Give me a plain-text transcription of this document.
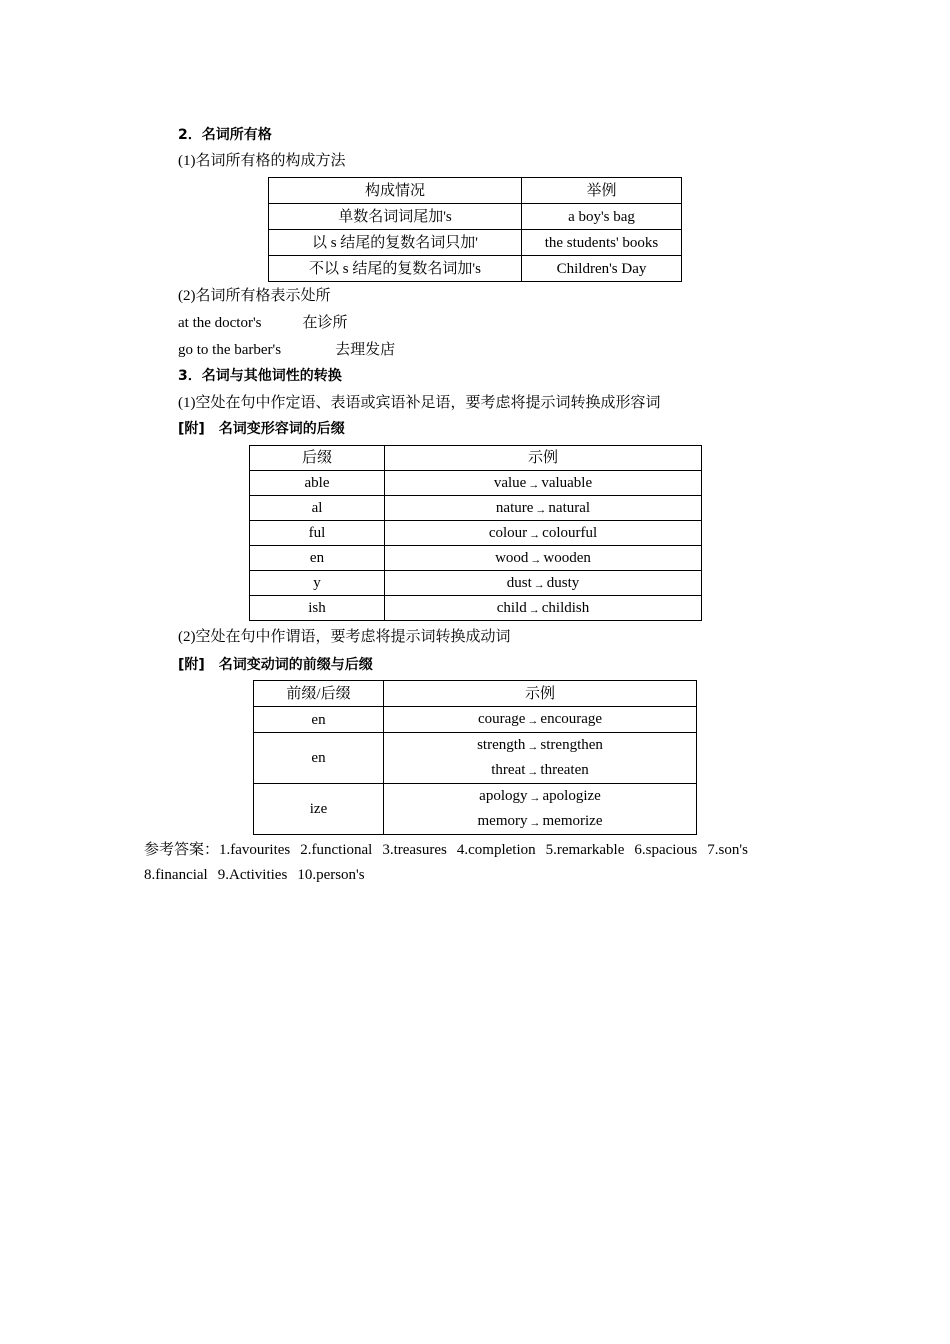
2．名词所有格
(1)名词所有格的构成方法
构成情况	举例
单数名词词尾加's	a boy's bag
以 s 结尾的复数名词只加'	the students' books
不以 s 结尾的复数名词加's	Children's Day
(2)名词所有格表示处所
at the doctor's	在诊所
go to the barber's	去理发店
3．名词与其他词性的转换
(1)空处在句中作定语、表语或宾语补足语，要考虑将提示词转换成形容词
[附]　名词变形容词的后缀
后缀	示例
able	value → valuable
al	nature → natural
ful	colour → colourful
en	wood → wooden
y	dust → dusty
ish	child → childish
(2)空处在句中作谓语，要考虑将提示词转换成动词
[附]　名词变动词的前缀与后缀
前缀/后缀	示例
en	courage → encourage
en	strength → strengthen
threat → threaten

ize	apology → apologize
memory → memorize
参考答案：1.favourites 2.functional 3.treasures 4.completion 5.remarkable 6.spacious 7.son's
8.financial 9.Activities 10.person's
